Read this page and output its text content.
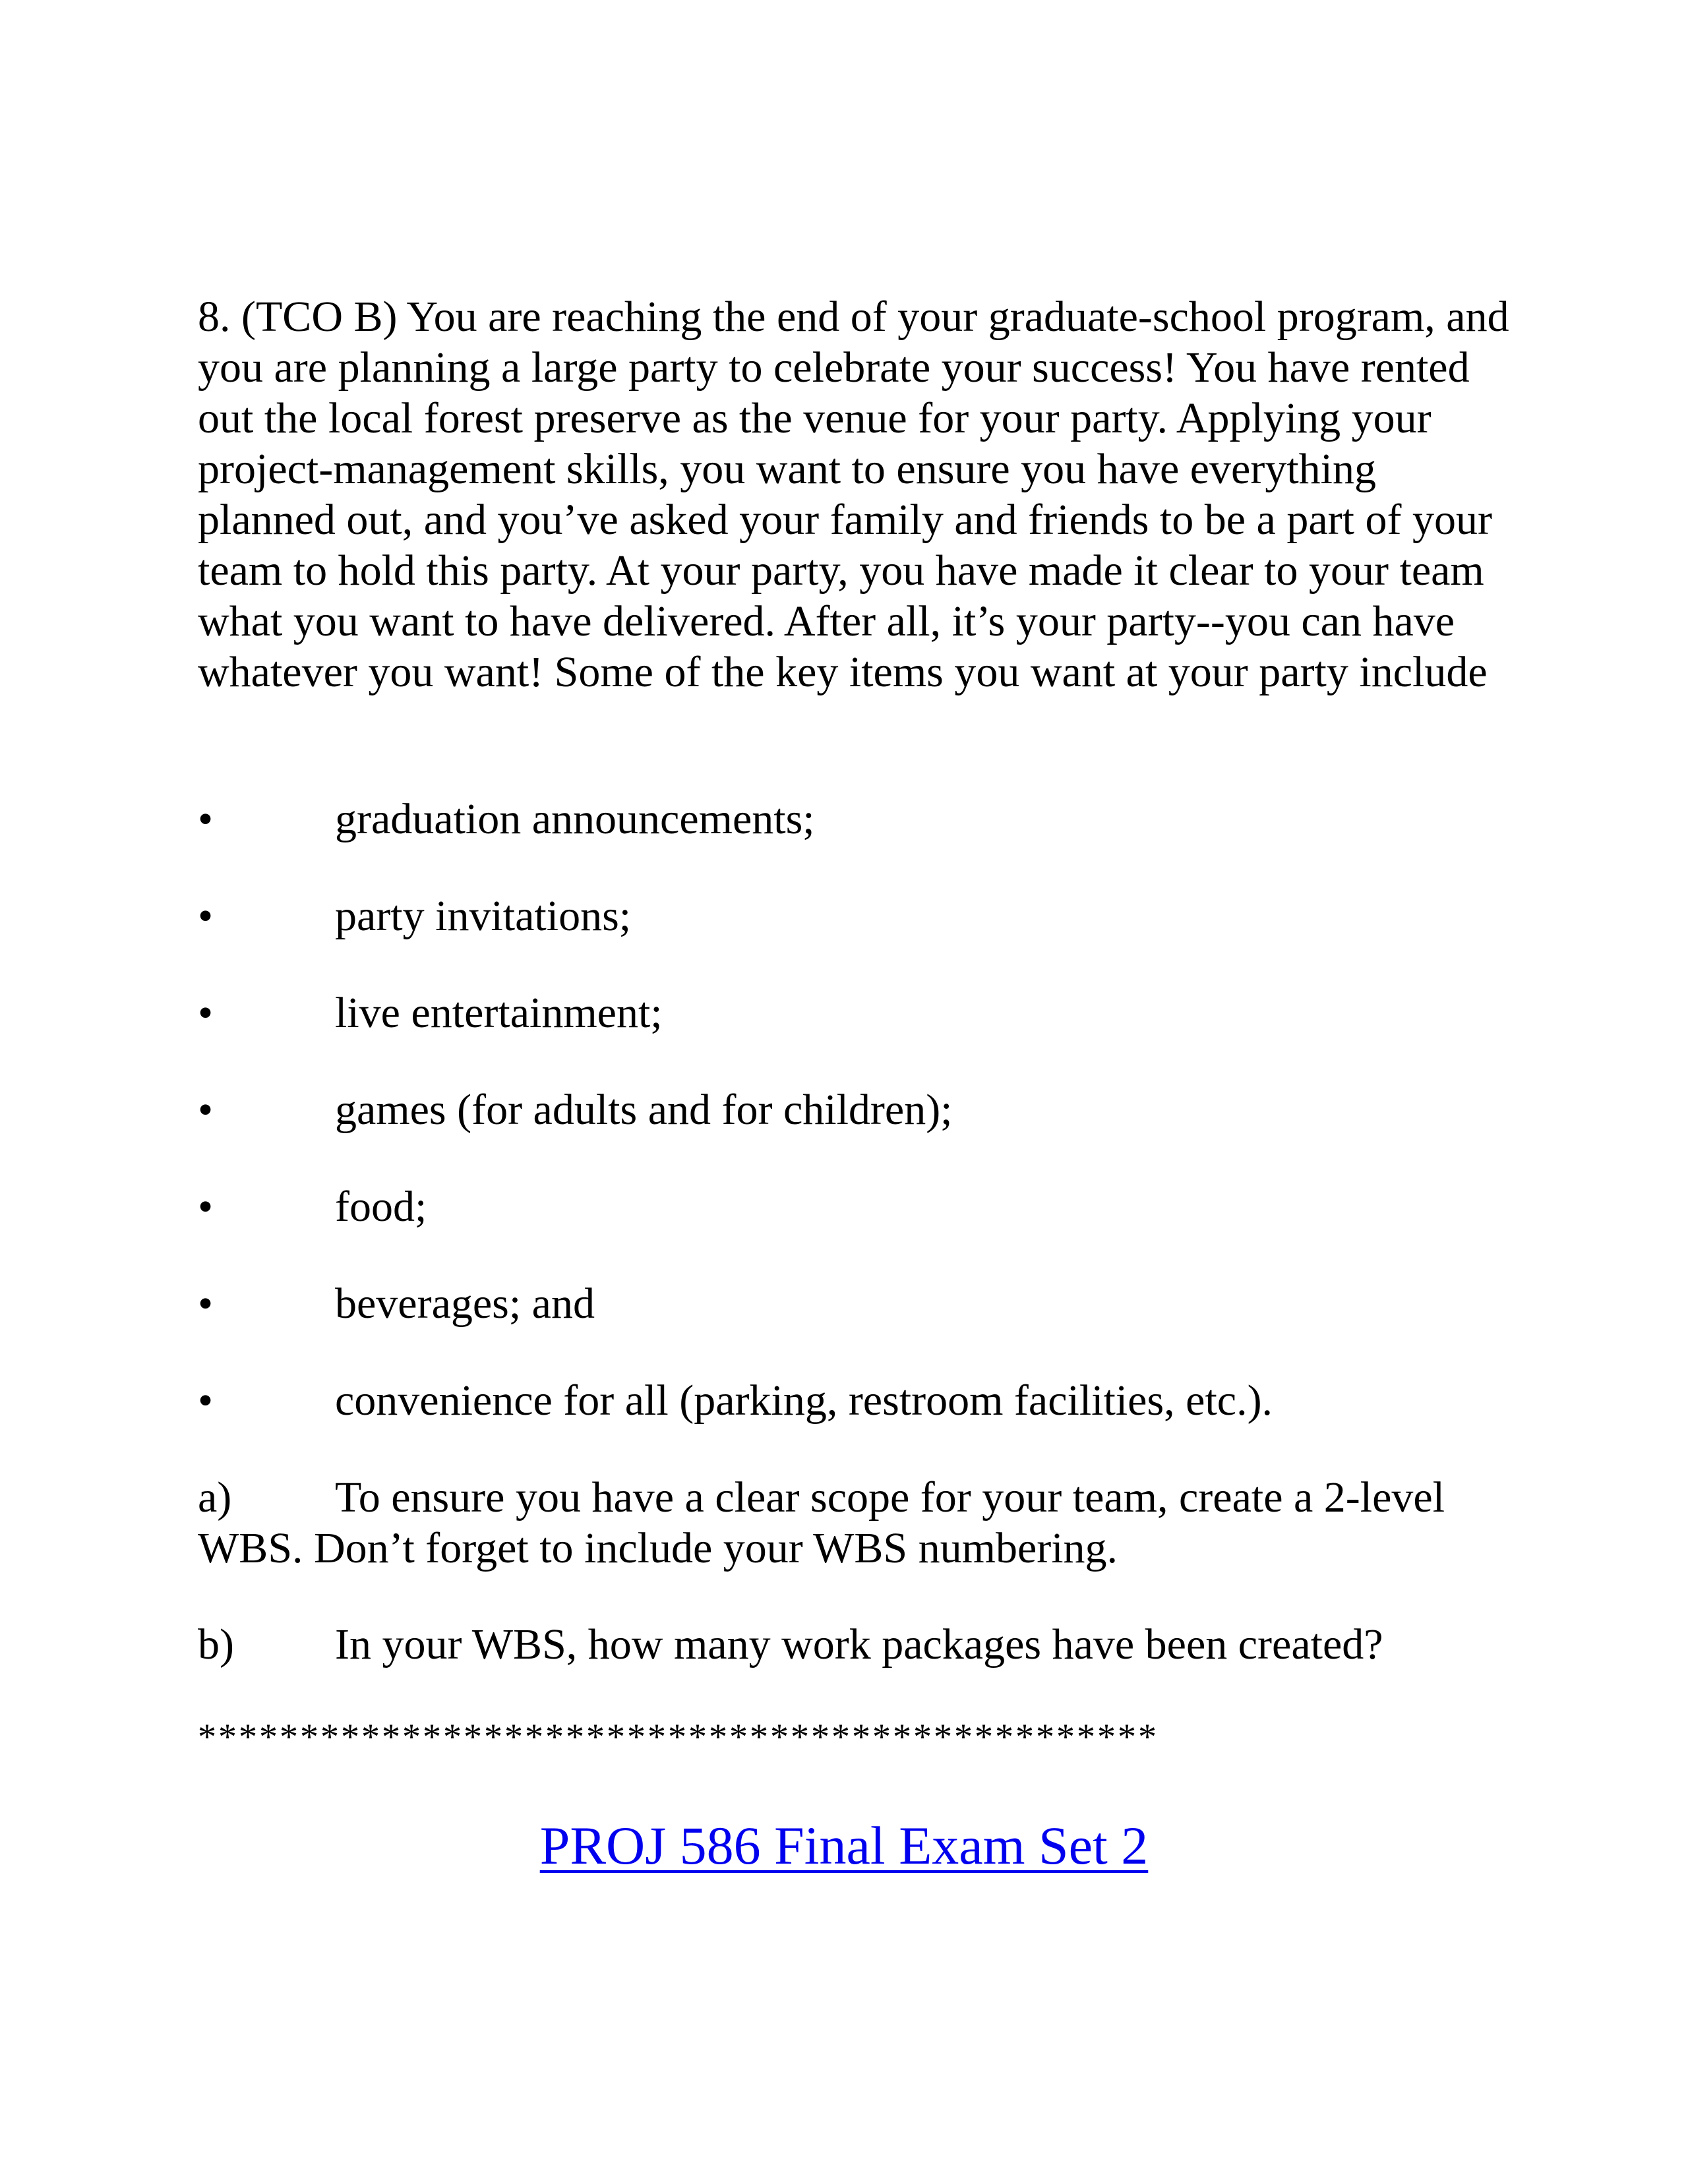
8. (TCO B) You are reaching the end of your graduate-school program, and you are planning a large party to celebrate your success! You have rented out the local forest preserve as the venue for your party. Applying your project-management skills, you want to ensure you have everything planned out, and you’ve asked your family and friends to be a part of your team to hold this party. At your party, you have made it clear to your team what you want to have delivered. After all, it’s your party--you can have whatever you want! Some of the key items you want at your party include

•	graduation announcements;
•	party invitations;
•	live entertainment;
•	games (for adults and for children);
•	food;
•	beverages; and
•	convenience for all (parking, restroom facilities, etc.).

a) To ensure you have a clear scope for your team, create a 2-level WBS. Don’t forget to include your WBS numbering.

b) In your WBS, how many work packages have been created?

***********************************************

PROJ 586 Final Exam Set 2
